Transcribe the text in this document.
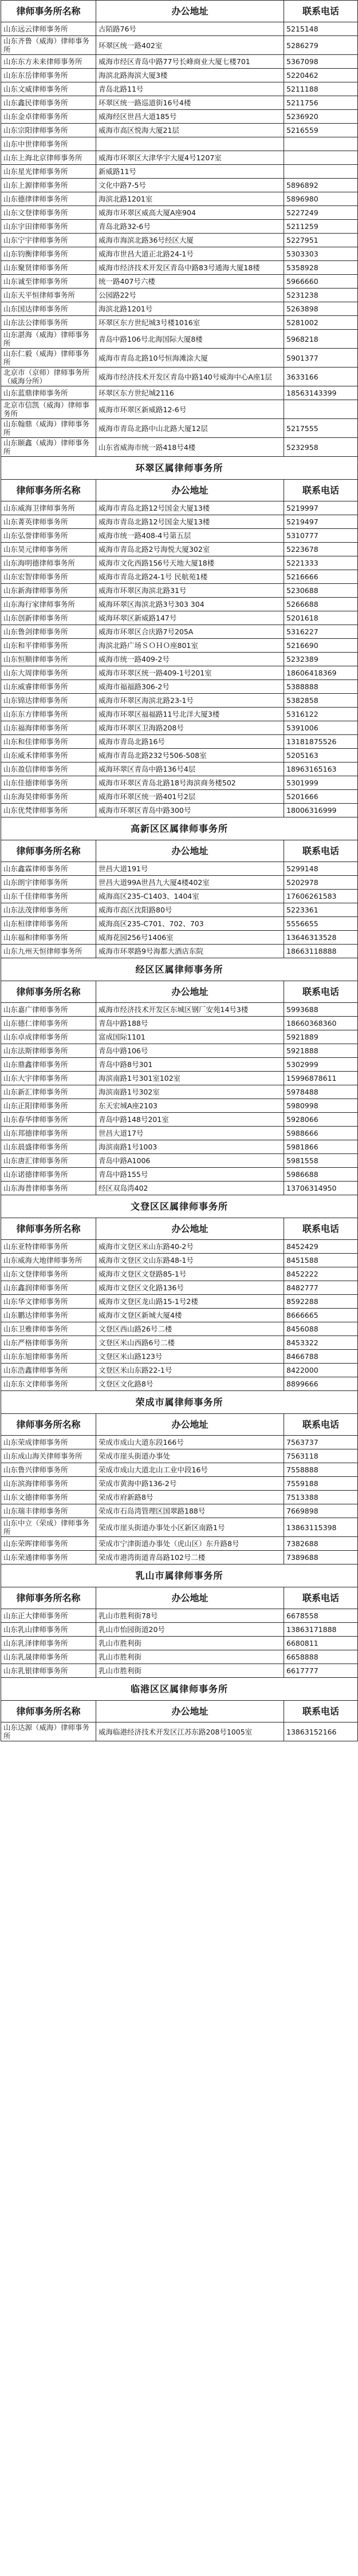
律师事务所名称	办公地址	联系电话
山东远云律师事务所	古陌路76号	5215148
山东齐鲁（威海）律师事务所	环翠区统一路402室	5286279
山东东方未来律师事务所	威海市经区青岛中路77号长峰商业大厦七楼701	5367098
山东东岳律师事务所	海滨北路海滨大厦3楼	5220462
山东文威律师事务所	青岛北路11号	5211188
山东鑫民律师事务所	环翠区统一路巡道街16号4楼	5211756
山东金卓律师事务所	威海经区世昌大道185号	5236920
山东宗阳律师事务所	威海市高区悦海大厦21层	5216559
山东中世律师事务所		
山东上海北京律师事务所	威海市环翠区大津华宇大厦4号1207室	
山东星光律师事务所	新威路11号	
山东上源律师事务所	文化中路7-5号	5896892
山东德律律师事务所	海滨北路1201室	5896980
山东文登律师事务所	威海市环翠区威高大厦A座904	5227249
山东宇田律师事务所	青岛北路32-6号	5211259
山东宁宇律师事务所	威海市海滨北路36号经区大厦	5227951
山东钧衡律师事务所	威海市世昌大道正北路24-1号	5303303
山东聚贤律师事务所	威海市经济技术开发区青岛中路83号通海大厦18楼	5358928
山东诚至律师事务所	统一路407号六楼	5966660
山东天平恒律师事务所	公园路22号	5231238
山东国达律师事务所	海滨北路1201号	5263898
山东法公律师事务所	环翠区东方世纪城3号楼1016室	5281002
山东湛海（威海）律师事务所	青岛中路106号北海国际大厦8楼	5968218
山东仁毅（威海）律师事务所	威海市青岛北路10号恒海滩涂大厦	5901377
北京市（京师）律师事务所（威海分所）	威海市经济技术开发区青岛中路140号威海中心A座1层	3633166
山东蓝鼎律师事务所	环翠区东方世纪城2116	18563143399
北京市信凯（威海）律师事务所	威海市环翠区新威路12-6号	
山东翰鼎（威海）律师事务所	威海市青岛北路中山北路大厦12层	5217555
山东颐鑫（威海）律师事务所	山东省威海市统一路418号4楼	5232958
环翠区属律师事务所		
律师事务所名称	办公地址	联系电话
山东威海卫律师事务所	威海市青岛北路12号国金大厦13楼	5219997
山东菁英律师事务所	威海市青岛北路12号国金大厦13楼	5219497
山东弘誉律师事务所	威海市统一路408-4号第五层	5310777
山东昊元律师事务所	威海市青岛北路2号海悦大厦302室	5223678
山东海明德律师事务所	威海市文化西路156号天地大厦18楼	5221333
山东宏智律师事务所	威海市青岛北路24-1号 民航苑1楼	5216666
山东新海律师事务所	威海市环翠区海滨北路31号	5230688
山东海行家律师事务所	威海环翠区海滨北路3号303 304	5266688
山东创新律师事务所	威海环翠区新威路147号	5201618
山东鲁剑律师事务所	威海市环翠区合庆路7号205A	5316227
山东和平律师事务所	海滨北路广场ＳＯＨＯ座801室	5216690
山东恒顺律师事务所	威海市统一路409-2号	5232389
山东大周律师事务所	威海市环翠区统一路409-1号201室	18606418369
山东威睿律师事务所	威海市福福路306-2号	5388888
山东锦达律师事务所	威海市环翠区海滨北路23-1号	5382858
山东东方律师事务所	威海市环翠区福福路11号北洋大厦3楼	5316122
山东福海律师事务所	威海市环翠区卫海路208号	5391006
山东和佳律师事务所	威海市青岛北路16号	13181875526
山东威禾律师事务所	威海市青岛北路232号506-508室	5205163
山东盈信律师事务所	威海环翠区青岛中路136号4层	18963165163
山东佳德律师事务所	威海市环翠区青岛北路18号海滨商务楼502	5301999
山东海昊律师事务所	威海市环翠区统一路401号2层	5201666
山东优梵律师事务所	威海市环翠区青岛中路300号	18006316999
高新区区属律师事务所		
律师事务所名称	办公地址	联系电话
山东鑫霖律师事务所	世昌大道191号	5299148
山东朗宇律师事务所	世昌大道99A世昌九大厦4楼402室	5202978
山东千佳律师事务所	威海高区235-C1403、1404室	17606261583
山东法茂律师事务所	威海市高区沈阳路80号	5223361
山东桓律律师事务所	威海高区235-C701、702、703	5556655
山东福和律师事务所	威海花园256号1406室	13646313528
山东九州天恒律师事务所	威海市环翠路9号海都大酒店东院	18663118888
经区区属律师事务所		
律师事务所名称	办公地址	联系电话
山东嘉广律师事务所	威海市经济技术开发区东城区钢厂安苑14号3楼	5993688
山东德仁律师事务所	青岛中路188号	18660368360
山东卓成律师事务所	富成国际1101	5921889
山东法斯律师事务所	青岛中路106号	5921888
山东鼎鑫律师事务所	青岛中路8号301	5302999
山东大宇律师事务所	海滨南路1号301室102室	15996878611
山东新汇律师事务所	海滨南路1号302室	5978488
山东正阳律师事务所	东天宏城A座2103	5980998
山东春华律师事务所	青岛中路148号201室	5928066
山东邦德律师事务所	世昌大道17号	5988666
山东晨盛律师事务所	海滨南路1号1003	5981866
山东唐汇律师事务所	青岛中路A1006	5981558
山东诺德律师事务所	青岛中路155号	5986688
山东海普律师事务所	经区双岛湾402	13706314950
文登区区属律师事务所		
律师事务所名称	办公地址	联系电话
山东亚特律师事务所	威海市文登区米山东路40-2号	8452429
山东威海大地律师事务所	威海市文登区文山东路48-1号	8451588
山东文登律师事务所	威海市文登区文登路85-1号	8452222
山东鑫润律师事务所	威海市文登区文化路136号	8482777
山东华文律师事务所	威海市文登区龙山路15-1号2楼	8592288
山东鹏达律师事务所	威海市文登区新城大厦4楼	8666665
山东卫雅律师事务所	文登区西山路26号二楼	8456088
山东严格律师事务所	文登区米山西路6号二楼	8453322
山东东旭律师事务所	文登区米山路123号	8466788
山东浩鑫律师事务所	文登区米山东路22-1号	8422000
山东东文律师事务所	文登区文化路8号	8899666
荣成市属律师事务所		
律师事务所名称	办公地址	联系电话
山东荣成律师事务所	荣成市成山大道东段166号	7563737
山东成山海关律师事务所	荣成市崖头街道办事处	7563118
山东鲁兴律师事务所	荣成市成山大道北山工业中段16号	7558888
山东滨海律师事务所	荣成市黄海中路136-2号	7559188
山东文德律师事务所	荣成市府新路8号	7513388
山东瑞丰律师事务所	荣成市石岛湾管理区国翠路188号	7669898
山东中立（荣成）律师事务所	荣成市崖头街道办事处小区新区南路1号	13863115398
山东荣晖律师事务所	荣成市宁津街道办事处（虎山区）东升路8号	7382688
山东荣通律师事务所	荣成市港湾街道青岛路102号二楼	7389688
乳山市属律师事务所		
律师事务所名称	办公地址	联系电话
山东正大律师事务所	乳山市胜利街78号	6678558
山东乳山律师事务所	乳山市怡园街道20号	13863171888
山东乳泽律师事务所	乳山市胜利街	6680811
山东乳晟律师事务所	乳山市胜利街	6658888
山东乳银律师事务所	乳山市胜利街	6617777
临港区区属律师事务所		
律师事务所名称	办公地址	联系电话
山东达源（威海）律师事务所	威海临港经济技术开发区江苏东路208号1005室	13863152166
